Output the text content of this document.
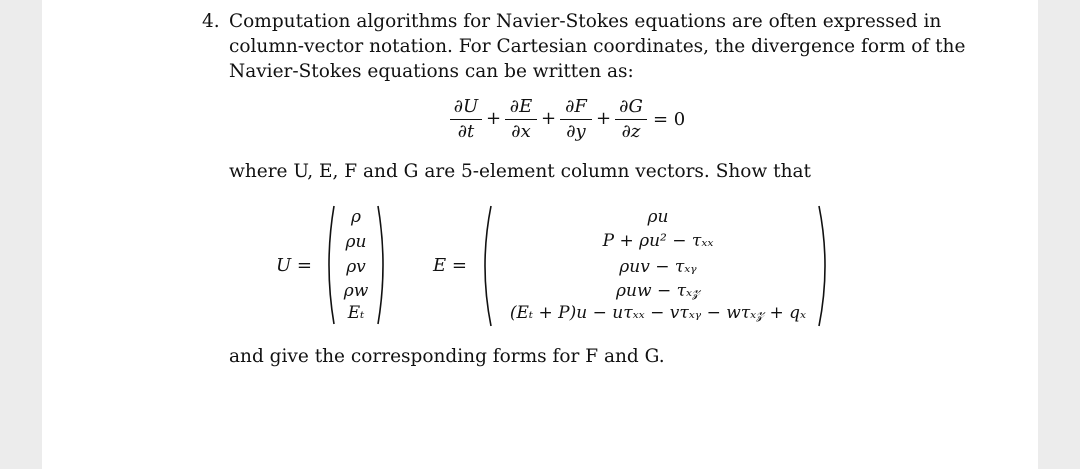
4. Computation algorithms for Navier-Stokes equations are often expressed in
column-vector notation. For Cartesian coordinates, the divergence form of the
Navier-Stokes equations can be written as:
∂U
∂t
+
∂E
∂x
+
∂F
∂y
+
∂G
∂z
= 0
where U, E, F and G are 5-element column vectors. Show that
U =
ρ
ρu
ρv
ρw
Eₜ
E =
ρu
P + ρu² − τₓₓ
ρuv − τₓᵧ
ρuw − τₓ𝓏
(Eₜ + P)u − uτₓₓ − vτₓᵧ − wτₓ𝓏 + qₓ
and give the corresponding forms for F and G.
